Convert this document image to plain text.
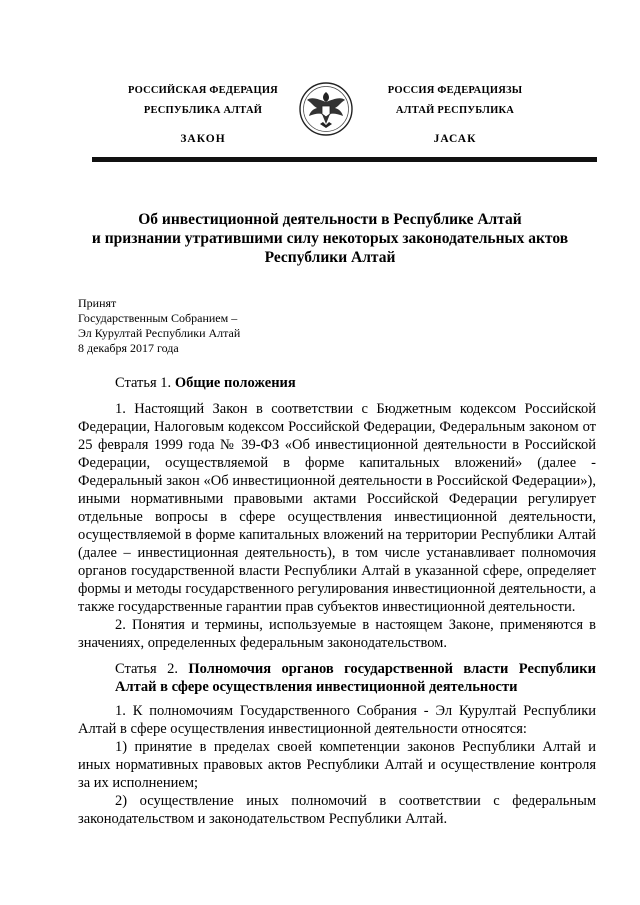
РОССИЙСКАЯ ФЕДЕРАЦИЯ
РЕСПУБЛИКА АЛТАЙ
ЗАКОН
РОССИЯ ФЕДЕРАЦИЯЗЫ
АЛТАЙ РЕСПУБЛИКА
JАСАК
Об инвестиционной деятельности в Республике Алтай
и признании утратившими силу некоторых законодательных актов
Республики Алтай
Принят
Государственным Собранием –
Эл Курултай Республики Алтай
8 декабря 2017 года
Статья 1. Общие положения

1. Настоящий Закон в соответствии с Бюджетным кодексом Российской Федерации, Налоговым кодексом Российской Федерации, Федеральным законом от 25 февраля 1999 года № 39-ФЗ «Об инвестиционной деятельности в Российской Федерации, осуществляемой в форме капитальных вложений» (далее - Федеральный закон «Об инвестиционной деятельности в Российской Федерации»), иными нормативными правовыми актами Российской Федерации регулирует отдельные вопросы в сфере осуществления инвестиционной деятельности, осуществляемой в форме капитальных вложений на территории Республики Алтай (далее – инвестиционная деятельность), в том числе устанавливает полномочия органов государственной власти Республики Алтай в указанной сфере, определяет формы и методы государственного регулирования инвестиционной деятельности, а также государственные гарантии прав субъектов инвестиционной деятельности.

2. Понятия и термины, используемые в настоящем Законе, применяются в значениях, определенных федеральным законодательством.

Статья 2. Полномочия органов государственной власти Республики Алтай в сфере осуществления инвестиционной деятельности

1. К полномочиям Государственного Собрания - Эл Курултай Республики Алтай в сфере осуществления инвестиционной деятельности относятся:

1) принятие в пределах своей компетенции законов Республики Алтай и иных нормативных правовых актов Республики Алтай и осуществление контроля за их исполнением;

2) осуществление иных полномочий в соответствии с федеральным законодательством и законодательством Республики Алтай.
